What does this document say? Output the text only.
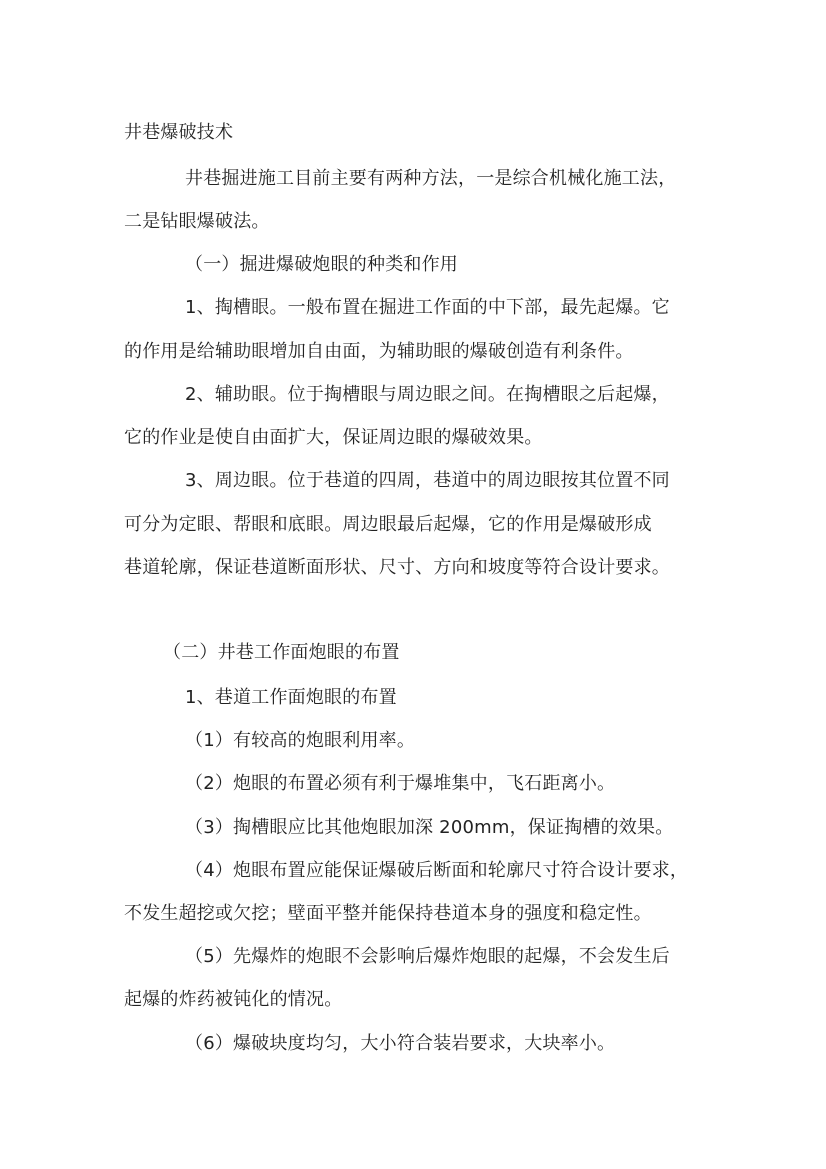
井巷爆破技术
井巷掘进施工目前主要有两种方法，一是综合机械化施工法，
二是钻眼爆破法。
（一）掘进爆破炮眼的种类和作用
1、掏槽眼。一般布置在掘进工作面的中下部，最先起爆。它
的作用是给辅助眼增加自由面，为辅助眼的爆破创造有利条件。
2、辅助眼。位于掏槽眼与周边眼之间。在掏槽眼之后起爆，
它的作业是使自由面扩大，保证周边眼的爆破效果。
3、周边眼。位于巷道的四周，巷道中的周边眼按其位置不同
可分为定眼、帮眼和底眼。周边眼最后起爆，它的作用是爆破形成
巷道轮廓，保证巷道断面形状、尺寸、方向和坡度等符合设计要求。
（二）井巷工作面炮眼的布置
1、巷道工作面炮眼的布置
（1）有较高的炮眼利用率。
（2）炮眼的布置必须有利于爆堆集中，飞石距离小。
（3）掏槽眼应比其他炮眼加深 200mm，保证掏槽的效果。
（4）炮眼布置应能保证爆破后断面和轮廓尺寸符合设计要求，
不发生超挖或欠挖；壁面平整并能保持巷道本身的强度和稳定性。
（5）先爆炸的炮眼不会影响后爆炸炮眼的起爆，不会发生后
起爆的炸药被钝化的情况。
（6）爆破块度均匀，大小符合装岩要求，大块率小。
